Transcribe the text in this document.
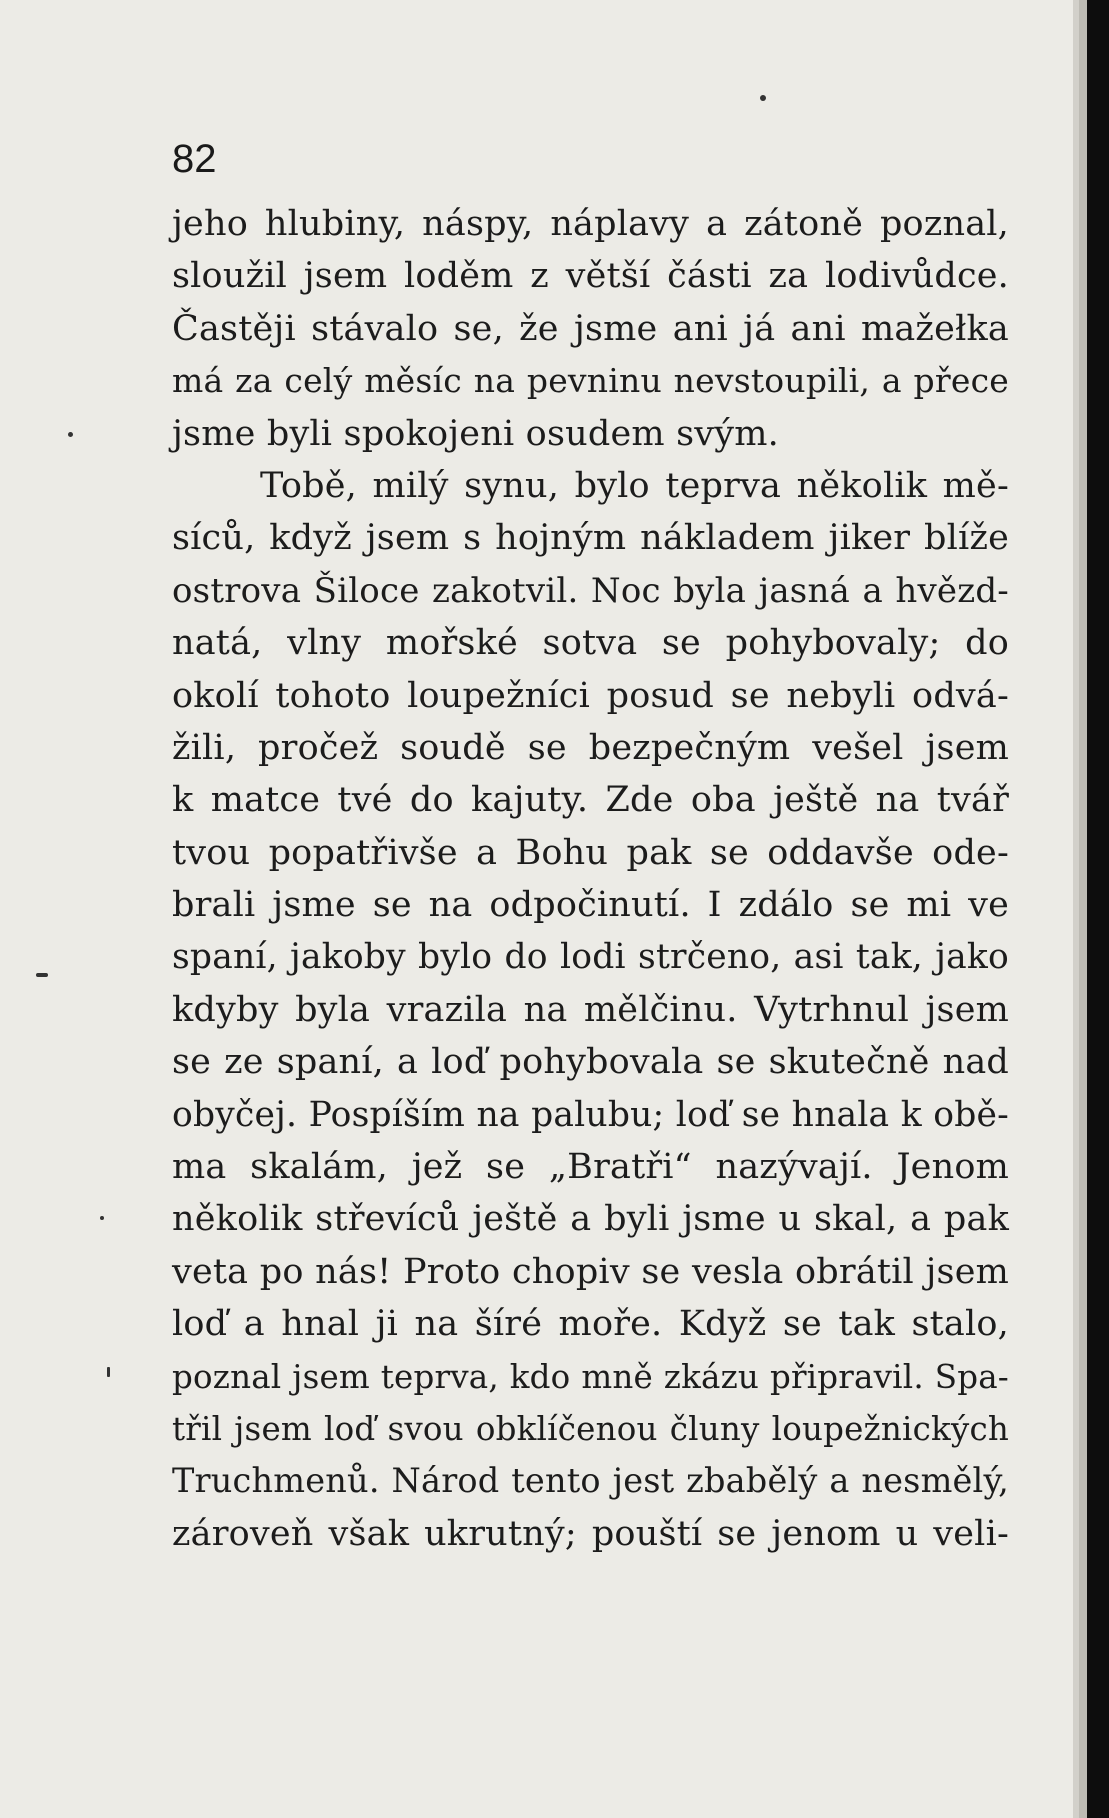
82
jeho hlubiny, náspy, náplavy a zátoně poznal,
sloužil jsem loděm z větší části za lodivůdce.
Častěji stávalo se, že jsme ani já ani mažełka
má za celý měsíc na pevninu nevstoupili, a přece
jsme byli spokojeni osudem svým.
Tobě, milý synu, bylo teprva několik mě-
síců, když jsem s hojným nákladem jiker blíže
ostrova Šiloce zakotvil. Noc byla jasná a hvězd-
natá, vlny mořské sotva se pohybovaly; do
okolí tohoto loupežníci posud se nebyli odvá-
žili, pročež soudě se bezpečným vešel jsem
k matce tvé do kajuty. Zde oba ještě na tvář
tvou popatřivše a Bohu pak se oddavše ode-
brali jsme se na odpočinutí. I zdálo se mi ve
spaní, jakoby bylo do lodi strčeno, asi tak, jako
kdyby byla vrazila na mělčinu. Vytrhnul jsem
se ze spaní, a loď pohybovala se skutečně nad
obyčej. Pospíším na palubu; loď se hnala k obě-
ma skalám, jež se „Bratři“ nazývají. Jenom
několik střevíců ještě a byli jsme u skal, a pak
veta po nás! Proto chopiv se vesla obrátil jsem
loď a hnal ji na šíré moře. Když se tak stalo,
poznal jsem teprva, kdo mně zkázu připravil. Spa-
třil jsem loď svou obklíčenou čluny loupežnických
Truchmenů. Národ tento jest zbabělý a nesmělý,
zároveň však ukrutný; pouští se jenom u veli-
